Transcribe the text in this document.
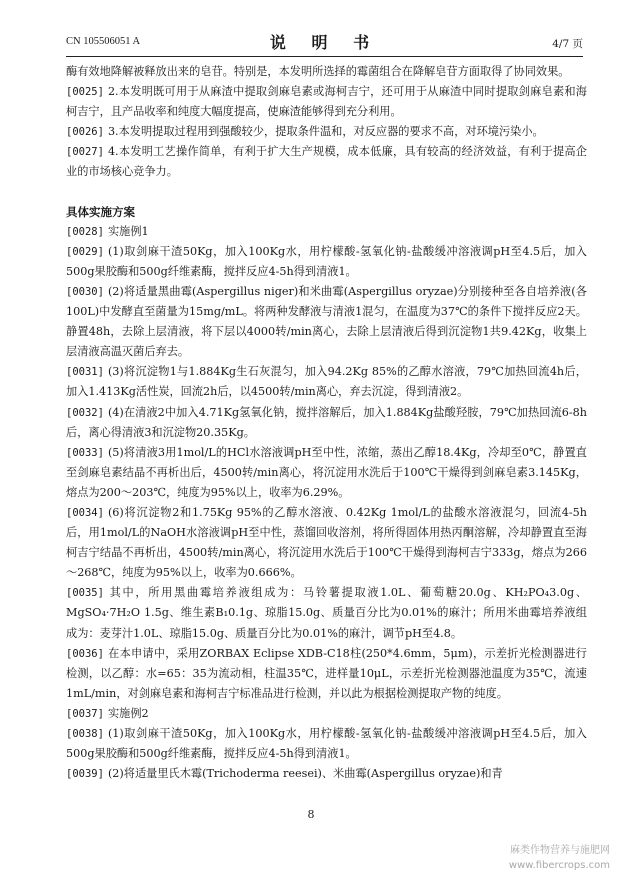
CN 105506051 A	说 明 书	4/7 页

酶有效地降解被释放出来的皂苷。特别是，本发明所选择的霉菌组合在降解皂苷方面取得了协同效果。

[0025] 2.本发明既可用于从麻渣中提取剑麻皂素或海柯吉宁，还可用于从麻渣中同时提取剑麻皂素和海柯吉宁，且产品收率和纯度大幅度提高，使麻渣能够得到充分利用。

[0026] 3.本发明提取过程用到强酸较少，提取条件温和，对反应器的要求不高，对环境污染小。

[0027] 4.本发明工艺操作简单，有利于扩大生产规模，成本低廉，具有较高的经济效益，有利于提高企业的市场核心竞争力。

具体实施方案

[0028] 实施例1

[0029] (1)取剑麻干渣50Kg，加入100Kg水，用柠檬酸-氢氧化钠-盐酸缓冲溶液调pH至4.5后，加入500g果胶酶和500g纤维素酶，搅拌反应4-5h得到清液1。

[0030] (2)将适量黑曲霉(Aspergillus niger)和米曲霉(Aspergillus oryzae)分别接种至各自培养液(各100L)中发酵直至菌量为15mg/mL。将两种发酵液与清液1混匀，在温度为37℃的条件下搅拌反应2天。静置48h，去除上层清液，将下层以4000转/min离心，去除上层清液后得到沉淀物1共9.42Kg，收集上层清液高温灭菌后弃去。

[0031] (3)将沉淀物1与1.884Kg生石灰混匀，加入94.2Kg 85%的乙醇水溶液，79℃加热回流4h后，加入1.413Kg活性炭，回流2h后，以4500转/min离心，弃去沉淀，得到清液2。

[0032] (4)在清液2中加入4.71Kg氢氧化钠，搅拌溶解后，加入1.884Kg盐酸羟胺，79℃加热回流6-8h后，离心得清液3和沉淀物20.35Kg。

[0033] (5)将清液3用1mol/L的HCl水溶液调pH至中性，浓缩，蒸出乙醇18.4Kg，冷却至0℃，静置直至剑麻皂素结晶不再析出后，4500转/min离心，将沉淀用水洗后于100℃干燥得到剑麻皂素3.145Kg，熔点为200～203℃，纯度为95%以上，收率为6.29%。

[0034] (6)将沉淀物2和1.75Kg 95%的乙醇水溶液、0.42Kg 1mol/L的盐酸水溶液混匀，回流4-5h后，用1mol/L的NaOH水溶液调pH至中性，蒸馏回收溶剂，将所得固体用热丙酮溶解，冷却静置直至海柯吉宁结晶不再析出，4500转/min离心，将沉淀用水洗后于100℃干燥得到海柯吉宁333g，熔点为266～268℃，纯度为95%以上，收率为0.666%。

[0035] 其中，所用黑曲霉培养液组成为：马铃薯提取液1.0L、葡萄糖20.0g、KH₂PO₄3.0g、MgSO₄·7H₂O 1.5g、维生素B₁0.1g、琼脂15.0g、质量百分比为0.01%的麻汁；所用米曲霉培养液组成为：麦芽汁1.0L、琼脂15.0g、质量百分比为0.01%的麻汁，调节pH至4.8。

[0036] 在本申请中，采用ZORBAX Eclipse XDB-C18柱(250*4.6mm，5μm)，示差折光检测器进行检测，以乙醇：水=65：35为流动相，柱温35℃，进样量10μL，示差折光检测器池温度为35℃，流速1mL/min，对剑麻皂素和海柯吉宁标准品进行检测，并以此为根据检测提取产物的纯度。

[0037] 实施例2

[0038] (1)取剑麻干渣50Kg，加入100Kg水，用柠檬酸-氢氧化钠-盐酸缓冲溶液调pH至4.5后，加入500g果胶酶和500g纤维素酶，搅拌反应4-5h得到清液1。

[0039] (2)将适量里氏木霉(Trichoderma reesei)、米曲霉(Aspergillus oryzae)和青

8
麻类作物营养与施肥网
www.fibercrops.com
